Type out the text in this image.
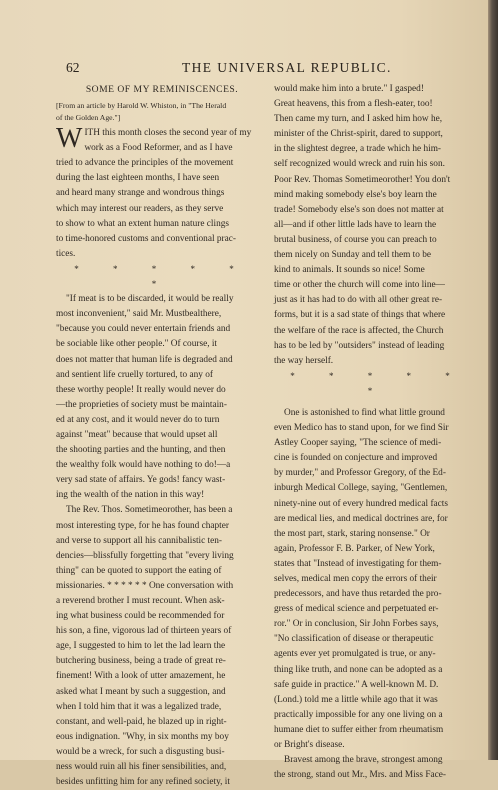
62	THE UNIVERSAL REPUBLIC.
SOME OF MY REMINISCENCES.
[From an article by Harold W. Whiston, in "The Herald
of the Golden Age."]
W ITH this month closes the second year of my
work as a Food Reformer, and as I have
tried to advance the principles of the movement
during the last eighteen months, I have seen
and heard many strange and wondrous things
which may interest our readers, as they serve
to show to what an extent human nature clings
to time-honored customs and conventional prac-
tices.
* * * * * *
"If meat is to be discarded, it would be really
most inconvenient," said Mr. Mustbealthere,
"because you could never entertain friends and
be sociable like other people." Of course, it
does not matter that human life is degraded and
and sentient life cruelly tortured, to any of
these worthy people! It really would never do
—the proprieties of society must be maintain-
ed at any cost, and it would never do to turn
against "meat" because that would upset all
the shooting parties and the hunting, and then
the wealthy folk would have nothing to do!—a
very sad state of affairs. Ye gods! fancy wast-
ing the wealth of the nation in this way!
The Rev. Thos. Sometimeorother, has been a
most interesting type, for he has found chapter
and verse to support all his cannibalistic ten-
dencies—blissfully forgetting that "every living
thing" can be quoted to support the eating of
missionaries. * * * * * * One conversation with
a reverend brother I must recount. When ask-
ing what business could be recommended for
his son, a fine, vigorous lad of thirteen years of
age, I suggested to him to let the lad learn the
butchering business, being a trade of great re-
finement! With a look of utter amazement, he
asked what I meant by such a suggestion, and
when I told him that it was a legalized trade,
constant, and well-paid, he blazed up in right-
eous indignation. "Why, in six months my boy
would be a wreck, for such a disgusting busi-
ness would ruin all his finer sensibilities, and,
besides unfitting him for any refined society, it
would make him into a brute." I gasped!
Great heavens, this from a flesh-eater, too!
Then came my turn, and I asked him how he,
minister of the Christ-spirit, dared to support,
in the slightest degree, a trade which he him-
self recognized would wreck and ruin his son.
Poor Rev. Thomas Sometimeorother! You don't
mind making somebody else's boy learn the
trade! Somebody else's son does not matter at
all—and if other little lads have to learn the
brutal business, of course you can preach to
them nicely on Sunday and tell them to be
kind to animals. It sounds so nice! Some
time or other the church will come into line—
just as it has had to do with all other great re-
forms, but it is a sad state of things that where
the welfare of the race is affected, the Church
has to be led by "outsiders" instead of leading
the way herself.
* * * * * *
One is astonished to find what little ground
even Medico has to stand upon, for we find Sir
Astley Cooper saying, "The science of medi-
cine is founded on conjecture and improved
by murder," and Professor Gregory, of the Ed-
inburgh Medical College, saying, "Gentlemen,
ninety-nine out of every hundred medical facts
are medical lies, and medical doctrines are, for
the most part, stark, staring nonsense." Or
again, Professor F. B. Parker, of New York,
states that "Instead of investigating for them-
selves, medical men copy the errors of their
predecessors, and have thus retarded the pro-
gress of medical science and perpetuated er-
ror." Or in conclusion, Sir John Forbes says,
"No classification of disease or therapeutic
agents ever yet promulgated is true, or any-
thing like truth, and none can be adopted as a
safe guide in practice." A well-known M. D.
(Lond.) told me a little while ago that it was
practically impossible for any one living on a
humane diet to suffer either from rheumatism
or Bright's disease.
Bravest among the brave, strongest among
the strong, stand out Mr., Mrs. and Miss Face-
